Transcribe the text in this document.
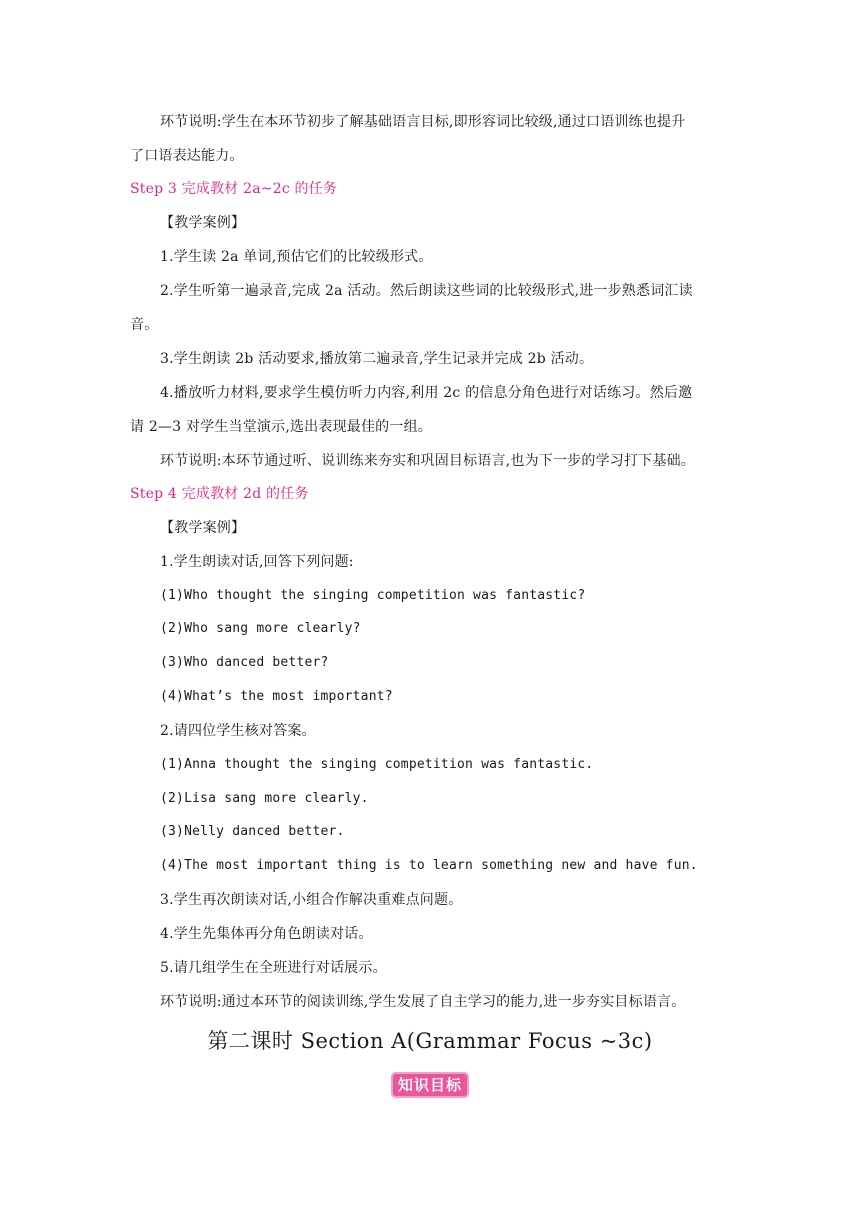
环节说明:学生在本环节初步了解基础语言目标,即形容词比较级,通过口语训练也提升
了口语表达能力。
Step 3 完成教材 2a~2c 的任务
【教学案例】
1.学生读 2a 单词,预估它们的比较级形式。
2.学生听第一遍录音,完成 2a 活动。然后朗读这些词的比较级形式,进一步熟悉词汇读
音。
3.学生朗读 2b 活动要求,播放第二遍录音,学生记录并完成 2b 活动。
4.播放听力材料,要求学生模仿听力内容,利用 2c 的信息分角色进行对话练习。然后邀
请 2—3 对学生当堂演示,选出表现最佳的一组。
环节说明:本环节通过听、说训练来夯实和巩固目标语言,也为下一步的学习打下基础。
Step 4 完成教材 2d 的任务
【教学案例】
1.学生朗读对话,回答下列问题:
(1)Who thought the singing competition was fantastic?
(2)Who sang more clearly?
(3)Who danced better?
(4)What’s the most important?
2.请四位学生核对答案。
(1)Anna thought the singing competition was fantastic.
(2)Lisa sang more clearly.
(3)Nelly danced better.
(4)The most important thing is to learn something new and have fun.
3.学生再次朗读对话,小组合作解决重难点问题。
4.学生先集体再分角色朗读对话。
5.请几组学生在全班进行对话展示。
环节说明:通过本环节的阅读训练,学生发展了自主学习的能力,进一步夯实目标语言。
第二课时 Section A(Grammar Focus ~3c)
知识目标
